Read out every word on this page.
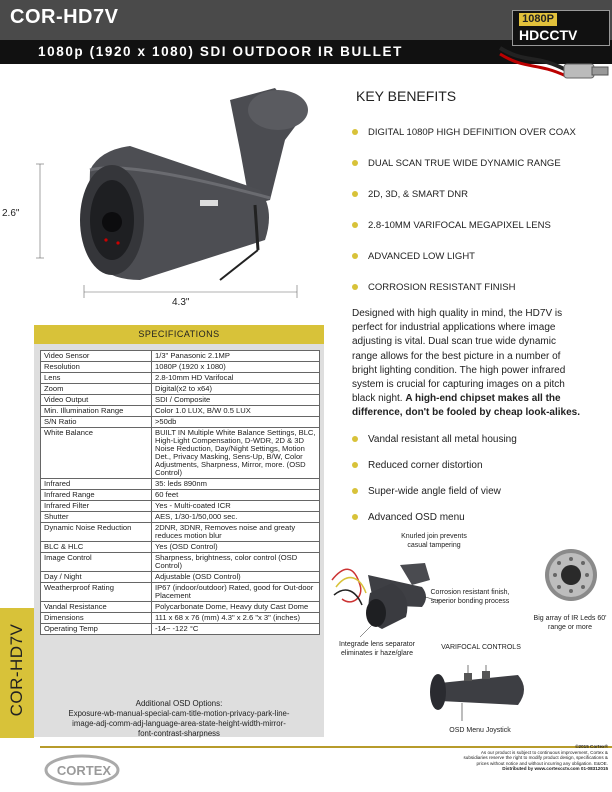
COR-HD7V
1080p (1920 x 1080) SDI OUTDOOR IR BULLET
1080P
HDCCTV
2.6"
4.3"
KEY BENEFITS
DIGITAL 1080P HIGH DEFINITION OVER COAX
DUAL SCAN TRUE WIDE DYNAMIC RANGE
2D, 3D, & SMART DNR
2.8-10MM VARIFOCAL MEGAPIXEL LENS
ADVANCED LOW LIGHT
CORROSION RESISTANT FINISH
Designed with high quality in mind, the HD7V is perfect for industrial applications where image adjusting is vital. Dual scan true wide dynamic range allows for the best picture in a number of bright lighting condition. The high power infrared system is crucial for capturing images on a pitch black night. A high-end chipset makes all the difference, don't be fooled by cheap look-alikes.
Vandal resistant all metal housing
Reduced corner distortion
Super-wide angle field of view
Advanced OSD menu
SPECIFICATIONS
Video Sensor	1/3" Panasonic 2.1MP
Resolution	1080P (1920 x 1080)
Lens	2.8-10mm HD Varifocal
Zoom	Digital(x2 to x64)
Video Output	SDI / Composite
Min. Illumination Range	Color 1.0 LUX, B/W 0.5 LUX
S/N Ratio	>50db
White Balance	BUILT IN Multiple White Balance Settings, BLC, High-Light Compensation, D-WDR, 2D & 3D Noise Reduction, Day/Night Settings, Motion Det., Privacy Masking, Sens-Up, B/W, Color Adjustments, Sharpness, Mirror, more. (OSD Control)
Infrared	35: leds 890nm
Infrared Range	60 feet
Infrared Filter	Yes - Multi-coated ICR
Shutter	AES, 1/30-1/50,000 sec.
Dynamic Noise Reduction	2DNR, 3DNR, Removes noise and greaty reduces motion blur
BLC & HLC	Yes (OSD Control)
Image Control	Sharpness, brightness, color control (OSD Control)
Day / Night	Adjustable (OSD Control)
Weatherproof Rating	IP67 (indoor/outdoor) Rated, good for Out-door Placement
Vandal Resistance	Polycarbonate Dome, Heavy duty Cast Dome
Dimensions	111 x 68 x 76 (mm) 4.3" x 2.6 "x 3" (inches)
Operating Temp	-14~ -122 °C
Additional OSD Options:
Exposure-wb-manual-special-cam-title-motion-privacy-park-line-image-adj-comm-adj-language-area-state-height-width-mirror-font-contrast-sharpness
COR-HD7V
Knurled join prevents casual tampering
Corrosion resistant finish, superior bonding process
Big array of IR Leds 60' range or more
Integrade lens separator eliminates ir haze/glare
VARIFOCAL CONTROLS
OSD Menu Joystick
CORTEX
©2015 Cortex®
As our product is subject to continuous improvement, Cortex &
subsidiaries reserve the right to modify product design, specifications &
prices without notice and without incurring any obligation. E&OE.
Distributed by www.cortexcctv.com 01-08312015
